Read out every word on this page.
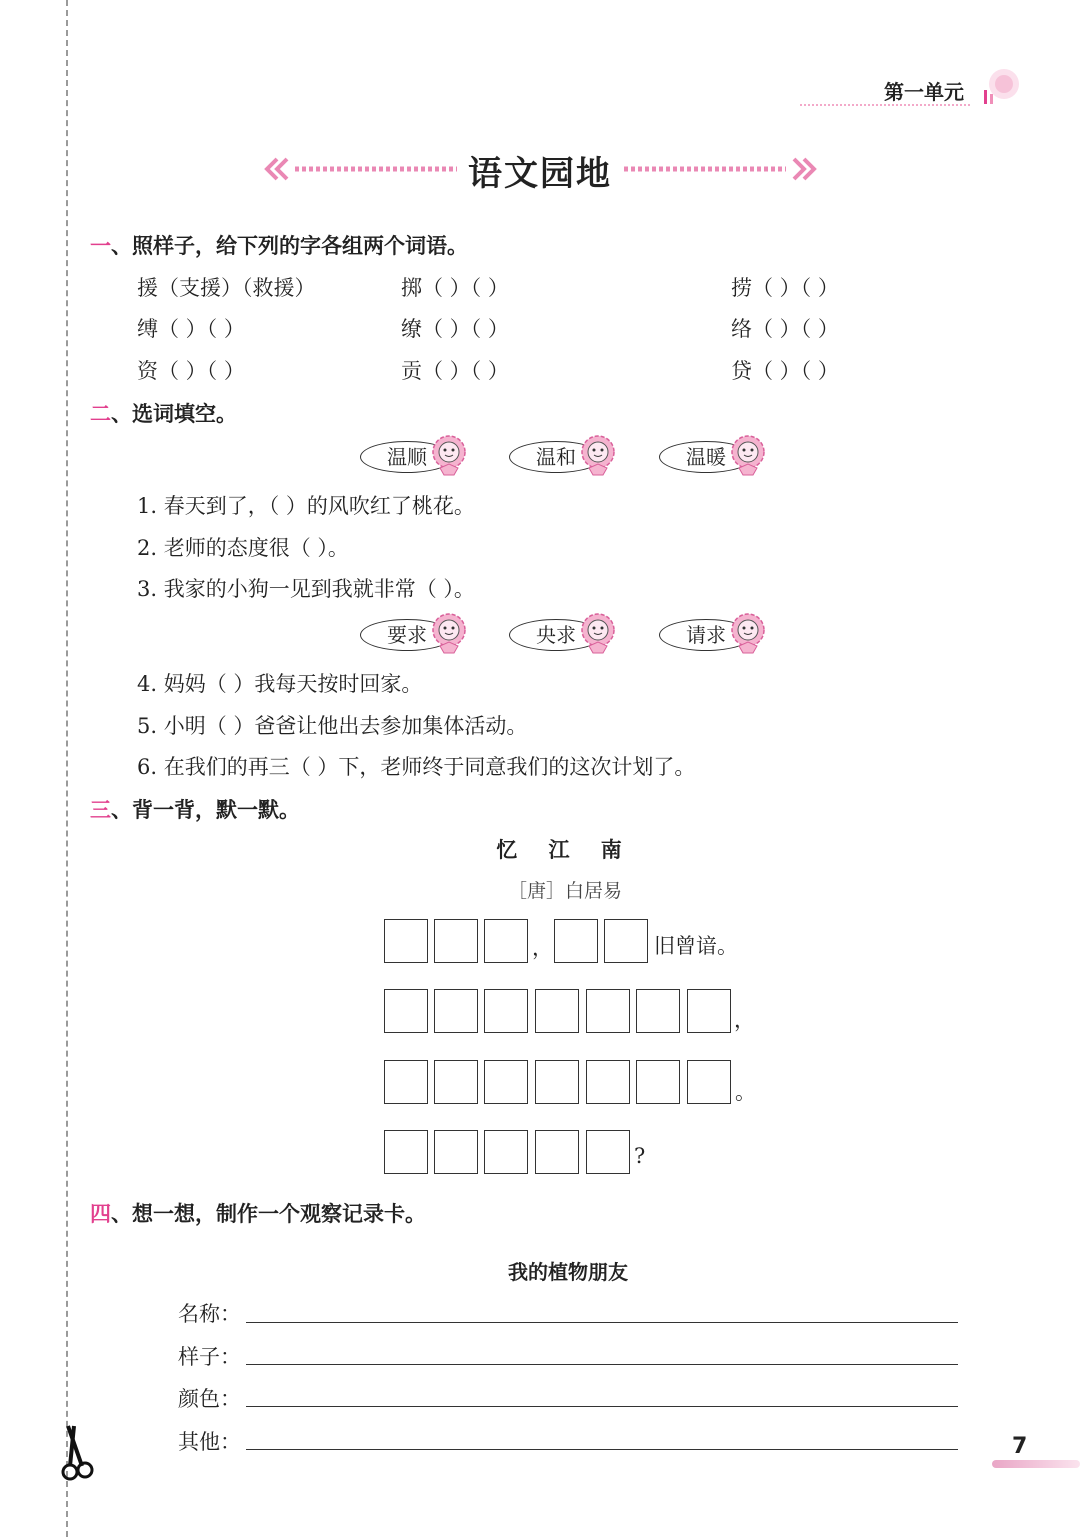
第一单元
语文园地
一、照样子，给下列的字各组两个词语。
援（支援）（救援）	掷（ ）（ ）	捞（ ）（ ）
缚（ ）（ ）	缭（ ）（ ）	络（ ）（ ）
资（ ）（ ）	贡（ ）（ ）	贷（ ）（ ）
二、选词填空。
温顺	温和	温暖
1. 春天到了，（ ）的风吹红了桃花。
2. 老师的态度很（ ）。
3. 我家的小狗一见到我就非常（ ）。
要求	央求	请求
4. 妈妈（ ）我每天按时回家。
5. 小明（ ）爸爸让他出去参加集体活动。
6. 在我们的再三（ ）下，老师终于同意我们的这次计划了。
三、背一背，默一默。
忆 江 南
［唐］白居易
，	旧曾谙。
，
。
?
四、想一想，制作一个观察记录卡。
我的植物朋友
名称：
样子：
颜色：
其他：	7
